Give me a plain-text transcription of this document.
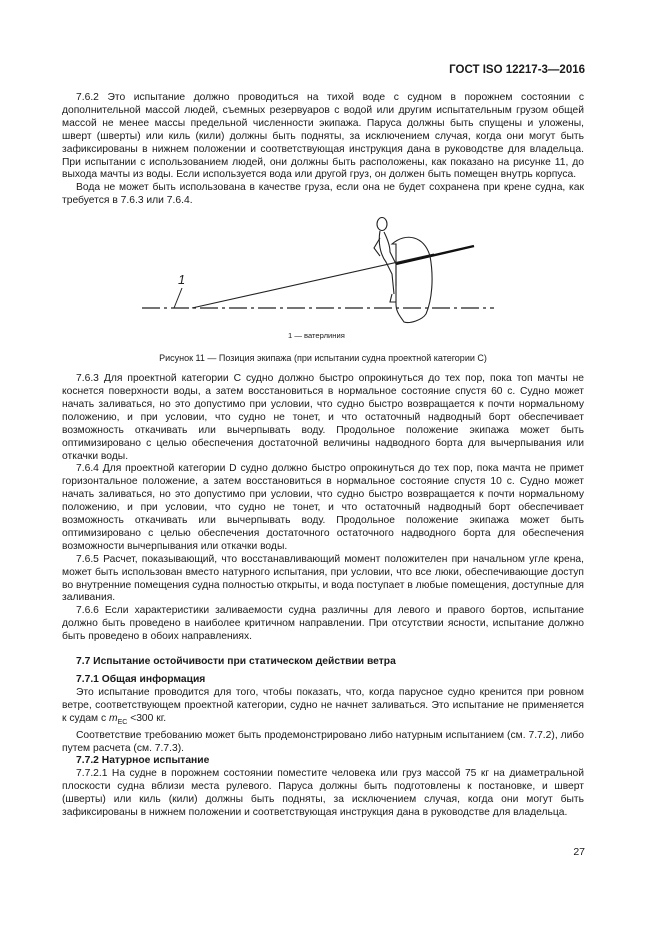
ГОСТ ISO 12217-3—2016

7.6.2 Это испытание должно проводиться на тихой воде с судном в порожнем состоянии с дополнительной массой людей, съемных резервуаров с водой или другим испытательным грузом общей массой не менее массы предельной численности экипажа. Паруса должны быть спущены и уложены, шверт (шверты) или киль (кили) должны быть подняты, за исключением случая, когда они могут быть зафиксированы в нижнем положении и соответствующая инструкция дана в руководстве для владельца. При испытании с использованием людей, они должны быть расположены, как показано на рисунке 11, до выхода мачты из воды. Если используется вода или другой груз, он должен быть помещен внутрь корпуса.

Вода не может быть использована в качестве груза, если она не будет сохранена при крене судна, как требуется в 7.6.3 или 7.6.4.

1
1 — ватерлиния
Рисунок 11 — Позиция экипажа (при испытании судна проектной категории С)

7.6.3 Для проектной категории С судно должно быстро опрокинуться до тех пор, пока топ мачты не коснется поверхности воды, а затем восстановиться в нормальное состояние спустя 60 с. Судно может начать заливаться, но это допустимо при условии, что судно быстро возвращается к почти нормальному положению, и при условии, что судно не тонет, и что остаточный надводный борт обеспечивает возможность откачивать или вычерпывать воду. Продольное положение экипажа может быть оптимизировано с целью обеспечения достаточной величины надводного борта для вычерпывания или откачки воды.

7.6.4 Для проектной категории D судно должно быстро опрокинуться до тех пор, пока мачта не примет горизонтальное положение, а затем восстановиться в нормальное состояние спустя 10 с. Судно может начать заливаться, но это допустимо при условии, что судно быстро возвращается к почти нормальному положению, и при условии, что судно не тонет, и что остаточный надводный борт обеспечивает возможность откачивать или вычерпывать воду. Продольное положение экипажа может быть оптимизировано с целью обеспечения достаточного остаточного надводного борта для обеспечения возможности вычерпывания или откачки воды.

7.6.5 Расчет, показывающий, что восстанавливающий момент положителен при начальном угле крена, может быть использован вместо натурного испытания, при условии, что все люки, обеспечивающие доступ во внутренние помещения судна полностью открыты, и вода поступает в любые помещения, доступные для заливания.

7.6.6 Если характеристики заливаемости судна различны для левого и правого бортов, испытание должно быть проведено в наиболее критичном направлении. При отсутствии ясности, испытание должно быть проведено в обоих направлениях.

7.7 Испытание остойчивости при статическом действии ветра
7.7.1 Общая информация

Это испытание проводится для того, чтобы показать, что, когда парусное судно кренится при ровном ветре, соответствующем проектной категории, судно не начнет заливаться. Это испытание не применяется к судам с $m_{EC} <300$ кг.

Соответствие требованию может быть продемонстрировано либо натурным испытанием (см. 7.7.2), либо путем расчета (см. 7.7.3).

7.7.2 Натурное испытание

7.7.2.1 На судне в порожнем состоянии поместите человека или груз массой 75 кг на диаметральной плоскости судна вблизи места рулевого. Паруса должны быть подготовлены к постановке, и шверт (шверты) или киль (кили) должны быть подняты, за исключением случая, когда они могут быть зафиксированы в нижнем положении и соответствующая инструкция дана в руководстве для владельца.

27
